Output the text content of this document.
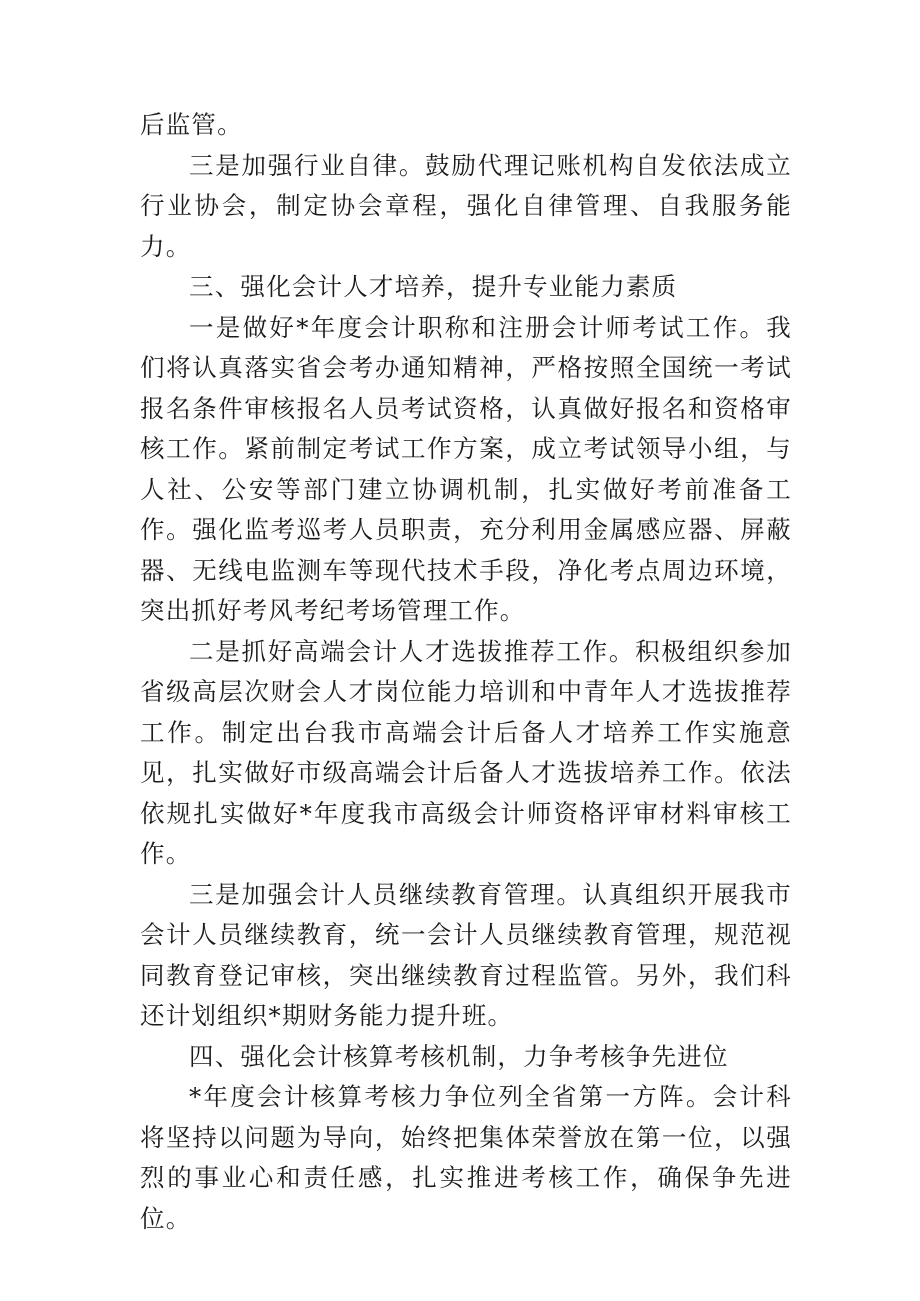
后监管。

三是加强行业自律。鼓励代理记账机构自发依法成立行业协会，制定协会章程，强化自律管理、自我服务能力。

三、强化会计人才培养，提升专业能力素质

一是做好*年度会计职称和注册会计师考试工作。我们将认真落实省会考办通知精神，严格按照全国统一考试报名条件审核报名人员考试资格，认真做好报名和资格审核工作。紧前制定考试工作方案，成立考试领导小组，与人社、公安等部门建立协调机制，扎实做好考前准备工作。强化监考巡考人员职责，充分利用金属感应器、屏蔽器、无线电监测车等现代技术手段，净化考点周边环境，突出抓好考风考纪考场管理工作。

二是抓好高端会计人才选拔推荐工作。积极组织参加省级高层次财会人才岗位能力培训和中青年人才选拔推荐工作。制定出台我市高端会计后备人才培养工作实施意见，扎实做好市级高端会计后备人才选拔培养工作。依法依规扎实做好*年度我市高级会计师资格评审材料审核工作。

三是加强会计人员继续教育管理。认真组织开展我市会计人员继续教育，统一会计人员继续教育管理，规范视同教育登记审核，突出继续教育过程监管。另外，我们科还计划组织*期财务能力提升班。

四、强化会计核算考核机制，力争考核争先进位

*年度会计核算考核力争位列全省第一方阵。会计科将坚持以问题为导向，始终把集体荣誉放在第一位，以强烈的事业心和责任感，扎实推进考核工作，确保争先进位。
